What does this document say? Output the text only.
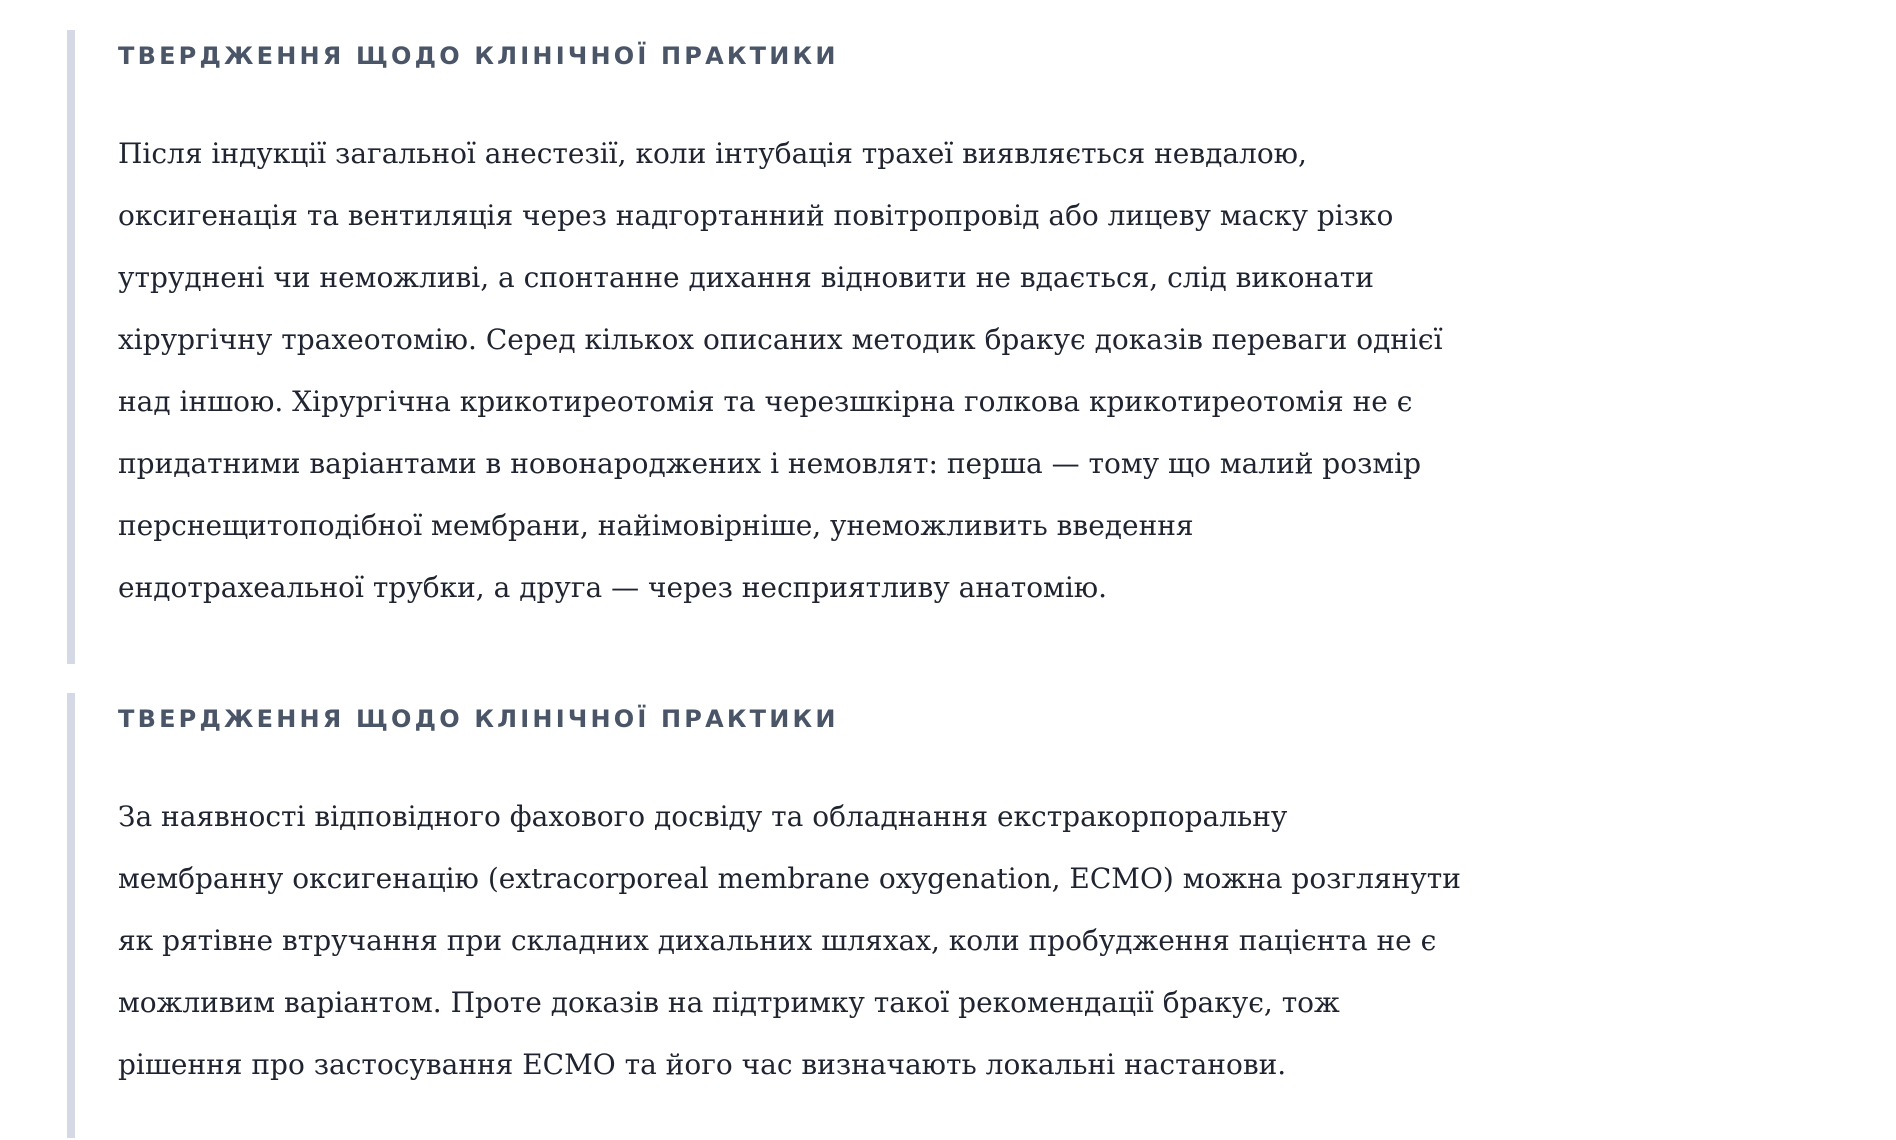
ТВЕРДЖЕННЯ ЩОДО КЛІНІЧНОЇ ПРАКТИКИ

Після індукції загальної анестезії, коли інтубація трахеї виявляється невдалою,
оксигенація та вентиляція через надгортанний повітропровід або лицеву маску різко
утруднені чи неможливі, а спонтанне дихання відновити не вдається, слід виконати
хірургічну трахеотомію. Серед кількох описаних методик бракує доказів переваги однієї
над іншою. Хірургічна крикотиреотомія та черезшкірна голкова крикотиреотомія не є
придатними варіантами в новонароджених і немовлят: перша — тому що малий розмір
перснещитоподібної мембрани, найімовірніше, унеможливить введення
ендотрахеальної трубки, а друга — через несприятливу анатомію.

ТВЕРДЖЕННЯ ЩОДО КЛІНІЧНОЇ ПРАКТИКИ

За наявності відповідного фахового досвіду та обладнання екстракорпоральну
мембранну оксигенацію (extracorporeal membrane oxygenation, ECMO) можна розглянути
як рятівне втручання при складних дихальних шляхах, коли пробудження пацієнта не є
можливим варіантом. Проте доказів на підтримку такої рекомендації бракує, тож
рішення про застосування ECMO та його час визначають локальні настанови.
